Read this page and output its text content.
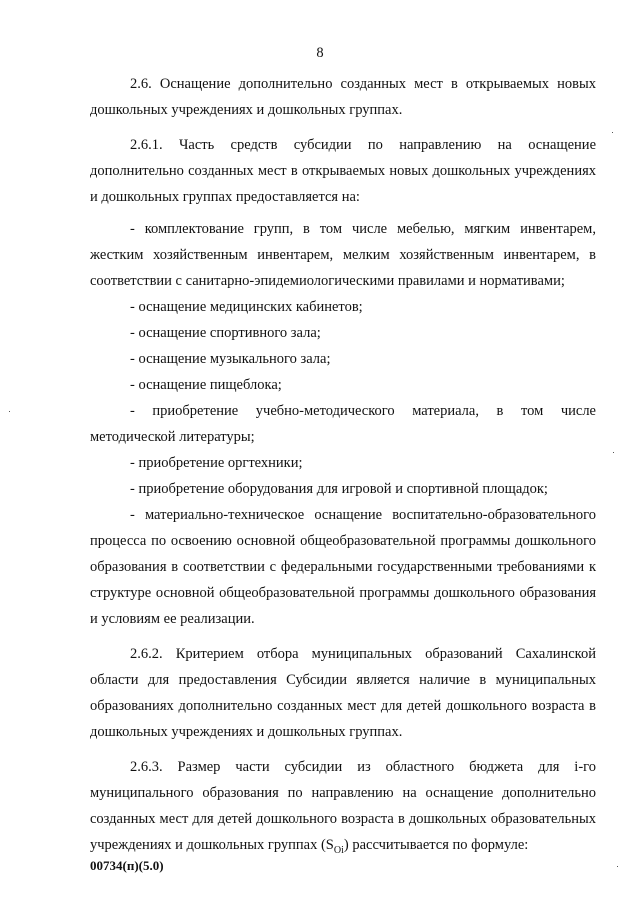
8

2.6. Оснащение дополнительно созданных мест в открываемых новых дошкольных учреждениях и дошкольных группах.

2.6.1. Часть средств субсидии по направлению на оснащение дополнительно созданных мест в открываемых новых дошкольных учреждениях и дошкольных группах предоставляется на:

- комплектование групп, в том числе мебелью, мягким инвентарем, жестким хозяйственным инвентарем, мелким хозяйственным инвентарем, в соответствии с санитарно-эпидемиологическими правилами и нормативами;

- оснащение медицинских кабинетов;

- оснащение спортивного зала;

- оснащение музыкального зала;

- оснащение пищеблока;

- приобретение учебно-методического материала, в том числе методической литературы;

- приобретение оргтехники;

- приобретение оборудования для игровой и спортивной площадок;

- материально-техническое оснащение воспитательно-образовательного процесса по освоению основной общеобразовательной программы дошкольного образования в соответствии с федеральными государственными требованиями к структуре основной общеобразовательной программы дошкольного образования и условиям ее реализации.

2.6.2. Критерием отбора муниципальных образований Сахалинской области для предоставления Субсидии является наличие в муниципальных образованиях дополнительно созданных мест для детей дошкольного возраста в дошкольных учреждениях и дошкольных группах.

2.6.3. Размер части субсидии из областного бюджета для i-го муниципального образования по направлению на оснащение дополнительно созданных мест для детей дошкольного возраста в дошкольных образовательных учреждениях и дошкольных группах $(S_{Oi})$ рассчитывается по формуле:

00734(п)(5.0)
